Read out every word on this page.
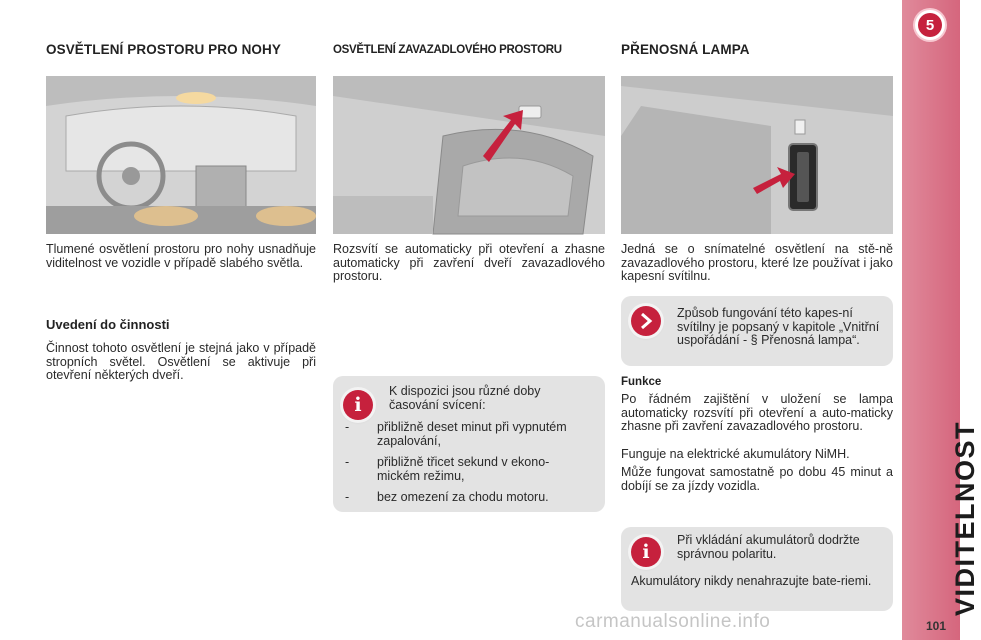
OSVĚTLENÍ PROSTORU PRO NOHY
Tlumené osvětlení prostoru pro nohy usnadňuje viditelnost ve vozidle v případě slabého světla.
Uvedení do činnosti
Činnost tohoto osvětlení je stejná jako v případě stropních světel. Osvětlení se aktivuje při otevření některých dveří.
OSVĚTLENÍ ZAVAZADLOVÉHO PROSTORU
Rozsvítí se automaticky při otevření a zhasne automaticky při zavření dveří zavazadlového prostoru.
i
K dispozici jsou různé doby časování svícení:
- přibližně deset minut při vypnutém zapalování,
- přibližně třicet sekund v ekono-mickém režimu,
- bez omezení za chodu motoru.
PŘENOSNÁ LAMPA
Jedná se o snímatelné osvětlení na stě-ně zavazadlového prostoru, které lze používat i jako kapesní svítilnu.
Způsob fungování této kapes-ní svítilny je popsaný v kapitole „Vnitřní uspořádání - § Přenosná lampa“.
Funkce
Po řádném zajištění v uložení se lampa automaticky rozsvítí při otevření a auto-maticky zhasne při zavření zavazadlového prostoru.
Funguje na elektrické akumulátory NiMH.
Může fungovat samostatně po dobu 45 minut a dobíjí se za jízdy vozidla.
i
Při vkládání akumulátorů dodržte správnou polaritu.
Akumulátory nikdy nenahrazujte bate-riemi.
5
VIDITELNOST
101
carmanualsonline.info
